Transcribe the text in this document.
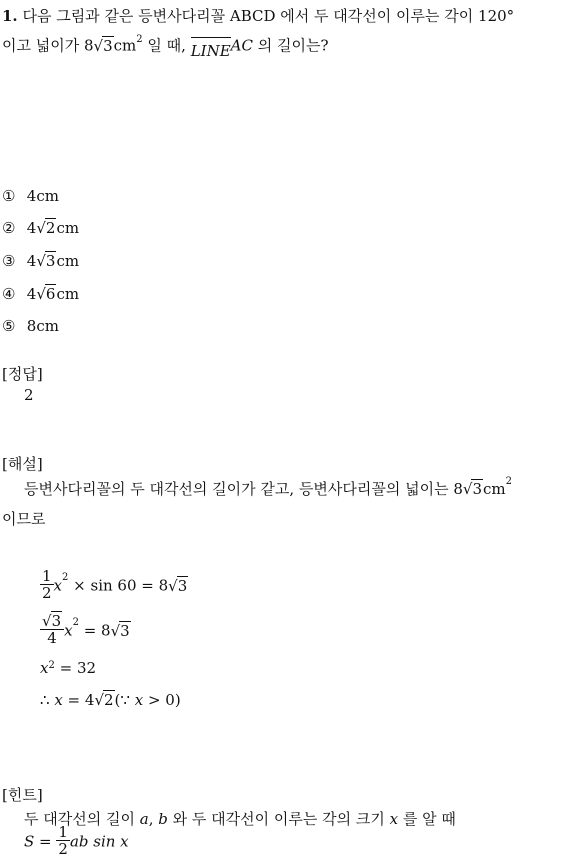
1. 다음 그림과 같은 등변사다리꼴 ABCD 에서 두 대각선이 이루는 각이 120°
이고 넓이가 $8√3cm^2$ 일 때,
LINEAC 의 길이는?
① 4cm
② 4√2cm
③ 4√3cm
④ 4√6cm
⑤ 8cm
[정답]
2
[해설]
등변사다리꼴의 두 대각선의 길이가 같고, 등변사다리꼴의 넓이는 $8√3cm^2$
이므로
$\frac{1}{2} x^2 \times \sin 60 = 8√3$
$\frac{√3}{4} x^2 = 8√3$
$x^2 = 32$
∴ x = 4√2(∵ x > 0)
[힌트]
두 대각선의 길이 a, b 와 두 대각선이 이루는 각의 크기 x 를 알 때
$S = \frac{1}{2}$ ab sin x
